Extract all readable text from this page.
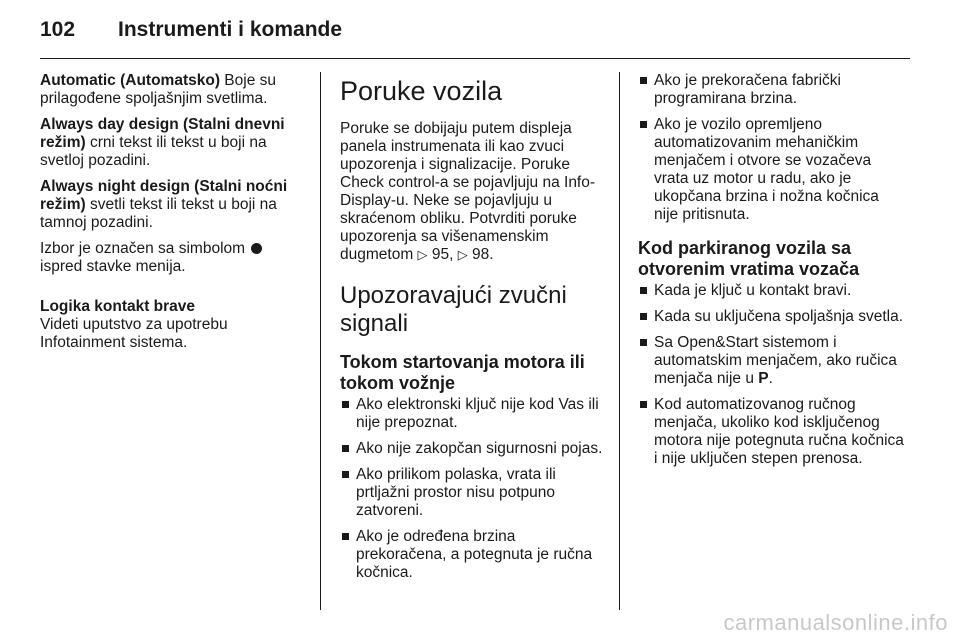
102	Instrumenti i komande

Automatic (Automatsko) Boje su prilagođene spoljašnjim svetlima.

Always day design (Stalni dnevni režim) crni tekst ili tekst u boji na svetloj pozadini.

Always night design (Stalni noćni režim) svetli tekst ili tekst u boji na tamnoj pozadini.

Izbor je označen sa simbolom
ispred stavke menija.

Logika kontakt brave

Videti uputstvo za upotrebu Infotainment sistema.

Poruke vozila

Poruke se dobijaju putem displeja panela instrumenata ili kao zvuci upozorenja i signalizacije. Poruke Check control-a se pojavljuju na Info-Display-u. Neke se pojavljuju u skraćenom obliku. Potvrditi poruke upozorenja sa višenamenskim dugmetom ▷ 95, ▷ 98.

Upozoravajući zvučni signali
Tokom startovanja motora ili tokom vožnje
Ako elektronski ključ nije kod Vas ili nije prepoznat.
Ako nije zakopčan sigurnosni pojas.
Ako prilikom polaska, vrata ili prtljažni prostor nisu potpuno zatvoreni.
Ako je određena brzina prekoračena, a potegnuta je ručna kočnica.
Ako je prekoračena fabrički programirana brzina.
Ako je vozilo opremljeno automatizovanim mehaničkim menjačem i otvore se vozačeva vrata uz motor u radu, ako je ukopčana brzina i nožna kočnica nije pritisnuta.
Kod parkiranog vozila sa otvorenim vratima vozača
Kada je ključ u kontakt bravi.
Kada su uključena spoljašnja svetla.
Sa Open&Start sistemom i automatskim menjačem, ako ručica menjača nije u P.
Kod automatizovanog ručnog menjača, ukoliko kod isključenog motora nije potegnuta ručna kočnica i nije uključen stepen prenosa.
carmanualsonline.info
